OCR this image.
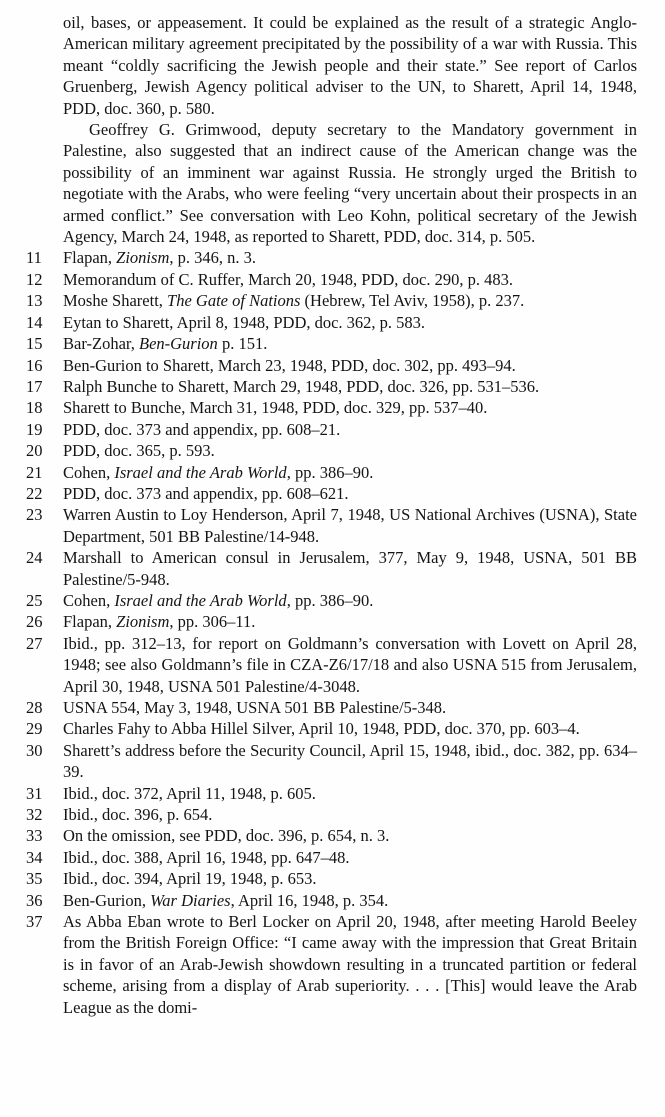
oil, bases, or appeasement. It could be explained as the result of a strategic Anglo-American military agreement precipitated by the possibility of a war with Russia. This meant “coldly sacrificing the Jewish people and their state.” See report of Carlos Gruenberg, Jewish Agency political adviser to the UN, to Sharett, April 14, 1948, PDD, doc. 360, p. 580.

Geoffrey G. Grimwood, deputy secretary to the Mandatory government in Palestine, also suggested that an indirect cause of the American change was the possibility of an imminent war against Russia. He strongly urged the British to negotiate with the Arabs, who were feeling “very uncertain about their prospects in an armed conflict.” See conversation with Leo Kohn, political secretary of the Jewish Agency, March 24, 1948, as reported to Sharett, PDD, doc. 314, p. 505.

11	Flapan, Zionism, p. 346, n. 3.
12	Memorandum of C. Ruffer, March 20, 1948, PDD, doc. 290, p. 483.
13	Moshe Sharett, The Gate of Nations (Hebrew, Tel Aviv, 1958), p. 237.
14	Eytan to Sharett, April 8, 1948, PDD, doc. 362, p. 583.
15	Bar-Zohar, Ben-Gurion p. 151.
16	Ben-Gurion to Sharett, March 23, 1948, PDD, doc. 302, pp. 493–94.
17	Ralph Bunche to Sharett, March 29, 1948, PDD, doc. 326, pp. 531–536.
18	Sharett to Bunche, March 31, 1948, PDD, doc. 329, pp. 537–40.
19	PDD, doc. 373 and appendix, pp. 608–21.
20	PDD, doc. 365, p. 593.
21	Cohen, Israel and the Arab World, pp. 386–90.
22	PDD, doc. 373 and appendix, pp. 608–621.
23	Warren Austin to Loy Henderson, April 7, 1948, US National Archives (USNA), State Department, 501 BB Palestine/14-948.
24	Marshall to American consul in Jerusalem, 377, May 9, 1948, USNA, 501 BB Palestine/5-948.
25	Cohen, Israel and the Arab World, pp. 386–90.
26	Flapan, Zionism, pp. 306–11.
27	Ibid., pp. 312–13, for report on Goldmann’s conversation with Lovett on April 28, 1948; see also Goldmann’s file in CZA-Z6/17/18 and also USNA 515 from Jerusalem, April 30, 1948, USNA 501 Palestine/4-3048.
28	USNA 554, May 3, 1948, USNA 501 BB Palestine/5-348.
29	Charles Fahy to Abba Hillel Silver, April 10, 1948, PDD, doc. 370, pp. 603–4.
30	Sharett’s address before the Security Council, April 15, 1948, ibid., doc. 382, pp. 634–39.
31	Ibid., doc. 372, April 11, 1948, p. 605.
32	Ibid., doc. 396, p. 654.
33	On the omission, see PDD, doc. 396, p. 654, n. 3.
34	Ibid., doc. 388, April 16, 1948, pp. 647–48.
35	Ibid., doc. 394, April 19, 1948, p. 653.
36	Ben-Gurion, War Diaries, April 16, 1948, p. 354.
37	As Abba Eban wrote to Berl Locker on April 20, 1948, after meeting Harold Beeley from the British Foreign Office: “I came away with the impression that Great Britain is in favor of an Arab-Jewish showdown resulting in a truncated partition or federal scheme, arising from a display of Arab superiority. . . . [This] would leave the Arab League as the domi-
